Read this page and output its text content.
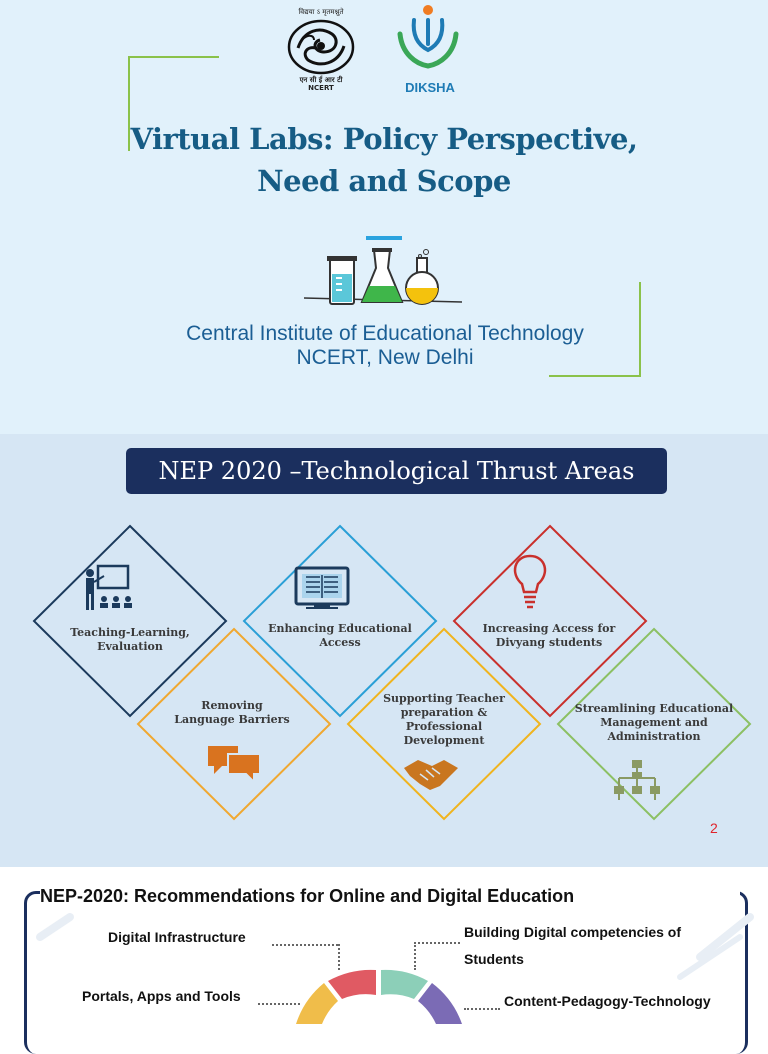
विद्यया ऽ मृतमश्नुते
एन सी ई आर टी
NCERT	DIKSHA
Virtual Labs: Policy Perspective,
Need and Scope
Central Institute of Educational Technology
NCERT, New Delhi
NEP 2020 –Technological Thrust Areas
Teaching-Learning,
Evaluation
Enhancing Educational
Access
Increasing Access for
Divyang students
Removing
Language Barriers
Supporting Teacher
preparation &
Professional Development
Streamlining Educational
Management and
Administration
2
NEP-2020: Recommendations for Online and Digital Education
Digital Infrastructure	Building Digital competencies of
Students
Portals, Apps and Tools	Content-Pedagogy-Technology
